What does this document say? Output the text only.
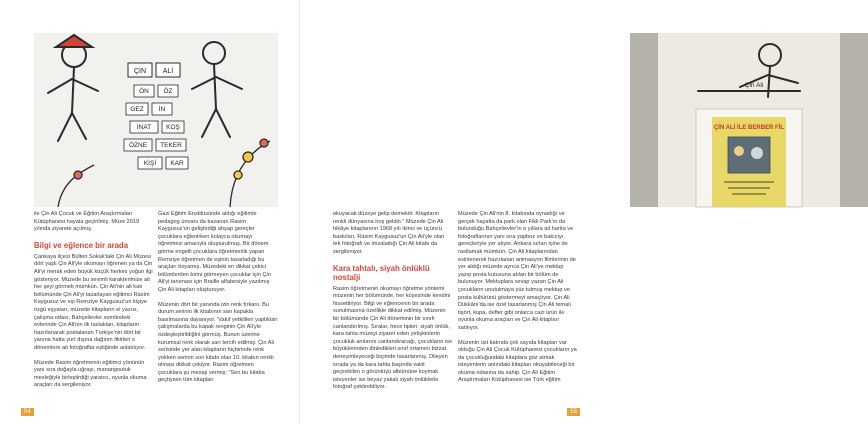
ÇİN ALİ
ÖN ÖZ
GEZ İN
İNAT KOŞ
ÖZNE TEKER
KİŞİ KAR

ile Çin Ali Çocuk ve Eğitim Araştırmaları Kütüphanesi hayata geçirilmiş. Müze 2019 yılında ziyarete açılmış.

Bilgi ve eğlence bir arada

Çankaya ilçesi Bülten Sokak'taki Çin Ali Müzesi dört yaşlı Çin Ali'yle okumayı öğrenen ya da Çin Ali'yi merak eden büyük küçük herkes yoğun ilgi gösteriyor. Müzede bu sevimli karakterimize ait her şeyi görmek mümkün. Çin Ali'nin alt katı bölümünde Çin Ali'yi tasarlayan eğitimci Rasim Kaygusuz ve eşi Remziye Kaygusuz'un kişiye özgü eşyaları, müzede kitapların el yazısı, çalışma odası, Bahçelievler semtindeki evlerinde Çin Ali'nin ilk taslakları, kitapların hazırlanarak postalanan Türkiye'nin dört bir yanına hatta yurt dışına dağıtım fikirleri o dönemlere ait fotoğraflar eşliğinde anlatılıyor.

Müzede Rasim öğretmenin eğitimci yönünün yanı sıra doğayla uğraşı, manangoutuk mesleğiyle birleştirdiği yaratıcı, oyunla okuma araçları da sergileniyor.

Gazi Eğitim Enstitüsünde aldığı eğitimle pedagog ünvanı da kazanan Rasim Kaygusuz'un geliştirdiği ahşap gereçler çocuklara eğlenirken kolayca okumayı öğretmesi amacıyla oluşturulmuş. Bir dönem görme engelli çocuklara öğretmenlik yapan Remziye öğretmen de eşinin tasarladığı bu araçları boyamış. Müzedeki en dikkat çekici bölümlerden birini görmeyen çocuklar için Çin Ali'yi tanıması için Braille alfabesiyle yazılmış Çin Ali kitapları oluşturuyor.

Müzenin dört bir yanında izin renk fırkanı. Bu durum serinin ilk kitabının sarı kapakla basılmasına dayanıyor. 'Vakıf yetkilileri yaptıkları çalışmalarda bu kapak renginin Çin Ali'yle özdeşleştirildiğini görmüş. Bunun üzerine kurumsal renk olarak sarı tercih edilmiş. Çin Ali serisinde yer alan kitapların hiçbirinde renk yokken serinin son kitabı olan 10. kitabın renkli olması dikkat çekiyor. Rasim öğretmen çocuklara şu mesajı vermiş; "Sen bu kitaba geçtiysen tüm kitapları

54
Çin Ali
ÇİN ALİ İLE BERBER FİL

okuyacak düzeye gelip demektir. Kitapların renkli dünyasına hoş geldin." Müzede Çin Ali hikâye kitaplarının 1968 yılı ikinci ve üçüncü baskıları, Rasim Kaygusuz'un Çin Ali'yle olan tek fotoğrafı ve imzalattığı Çin Ali kitabı da sergileniyor.

Kara tahtalı, siyah önlüklü nostalji

Rasim öğretmenin okumayı öğretme yöntemi müzenin her bölümünde, her köşesinde kendini hissettiriyor. Bilgi ve eğlencenin bir arada sunulmasına özellikle dikkat edilmiş. Müzenin bir bölümünde Çin Ali döneminin bir sınıfı canlandırılmış. Sıralar, hece tipleri, siyah önlük, kara tahta müzeyi ziyaret eden yetişkinlerin çocukluk anılarını canlandıracağı, çocukların ise büyüklerinden dinledikleri sınıf ortamını bizzat deneyimleyeceği biçimde tasarlanmış. Dileyen sırada ya da kara tahta başında vakit geçirebilen o görüntüyü albümüne koymak isteyenler ise beyaz yakalı siyah önlüklerle fotoğraf çektirebiliyor.

Müzede Çin Ali'nin 8. kitabında oynadığı ve gerçek hayatta da park olan Fikli Park'ın da bulunduğu Bahçelievler'in o yıllara ait harita ve fotoğraflarının yanı sıra yapboz ve bakıcıyı gereçleriyle yer alıyor. Ankara sırları içine de rastlamak mümkün. Çin Ali kitaplarından esinlenerek hazırlanan animasyon filmlerinin de yer aldığı müzede ayrıca Çin Ali'ye mektup yazıp posta kutusuna atılan bir bölüm de bulunuyor. Mektuplara cevap yazan Çin Ali çocukların unutulmaya yüz tutmuş mektup ve posta kültürünü göstermeyi amaçlıyor. Çin Ali Dükkânı'da ise özel tasarlanmış Çin Ali temalı tişört, kupa, defter gibi onlarca cazi ürün ile oyunla okuma araçları ve Çin Ali kitapları satılıyor.

Müzenin üst katında çok sayıda kitapları var olduğu Çin Ali Çocuk Kütüphanesi çocukların ya da çocukluğundaki kitaplara göz atmak isteyenlerin anlındaki kitapları okuyabileceği bir okuma odasına da sahip. Çin Ali Eğitim Araştırmaları Kütüphanesi ise Türk eğitim

55
